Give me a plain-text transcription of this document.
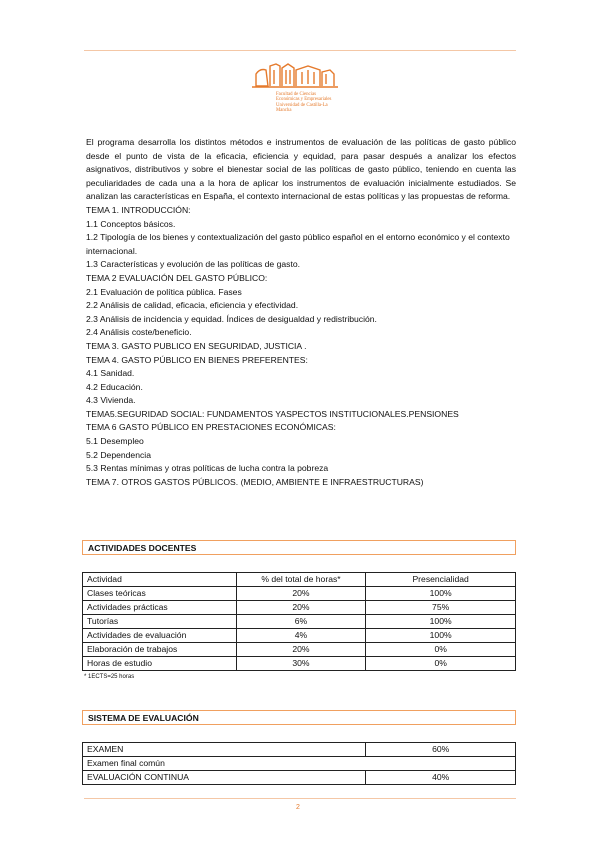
Facultad de Ciencias
Económicas y Empresariales
Universidad de Castilla-La Mancha

El programa desarrolla los distintos métodos e instrumentos de evaluación de las políticas de gasto público desde el punto de vista de la eficacia, eficiencia y equidad, para pasar después a analizar los efectos asignativos, distributivos y sobre el bienestar social de las políticas de gasto público, teniendo en cuenta las peculiaridades de cada una a la hora de aplicar los instrumentos de evaluación inicialmente estudiados. Se analizan las características en España, el contexto internacional de estas políticas y las propuestas de reforma.

TEMA 1. INTRODUCCIÓN:

1.1 Conceptos básicos.

1.2 Tipología de los bienes y contextualización del gasto público español en el entorno económico y el contexto internacional.

1.3 Características y evolución de las políticas de gasto.

TEMA 2 EVALUACIÓN DEL GASTO PÚBLICO:

2.1 Evaluación de política pública. Fases

2.2 Análisis de calidad, eficacia, eficiencia y efectividad.

2.3 Análisis de incidencia y equidad. Índices de desigualdad y redistribución.

2.4 Análisis coste/beneficio.

TEMA 3. GASTO PUBLICO EN SEGURIDAD, JUSTICIA .

TEMA 4. GASTO PÚBLICO EN BIENES PREFERENTES:

4.1 Sanidad.

4.2 Educación.

4.3 Vivienda.

TEMA5.SEGURIDAD SOCIAL: FUNDAMENTOS YASPECTOS INSTITUCIONALES.PENSIONES

TEMA 6 GASTO PÚBLICO EN PRESTACIONES ECONÓMICAS:

5.1 Desempleo

5.2 Dependencia

5.3 Rentas mínimas y otras políticas de lucha contra la pobreza

TEMA 7. OTROS GASTOS PÚBLICOS. (MEDIO, AMBIENTE E INFRAESTRUCTURAS)

ACTIVIDADES DOCENTES
Actividad	% del total de horas*	Presencialidad
Clases teóricas	20%	100%
Actividades prácticas	20%	75%
Tutorías	6%	100%
Actividades de evaluación	4%	100%
Elaboración de trabajos	20%	0%
Horas de estudio	30%	0%
* 1ECTS=25 horas
SISTEMA DE EVALUACIÓN
EXAMEN	60%
Examen final común	
EVALUACIÓN CONTINUA	40%
2
